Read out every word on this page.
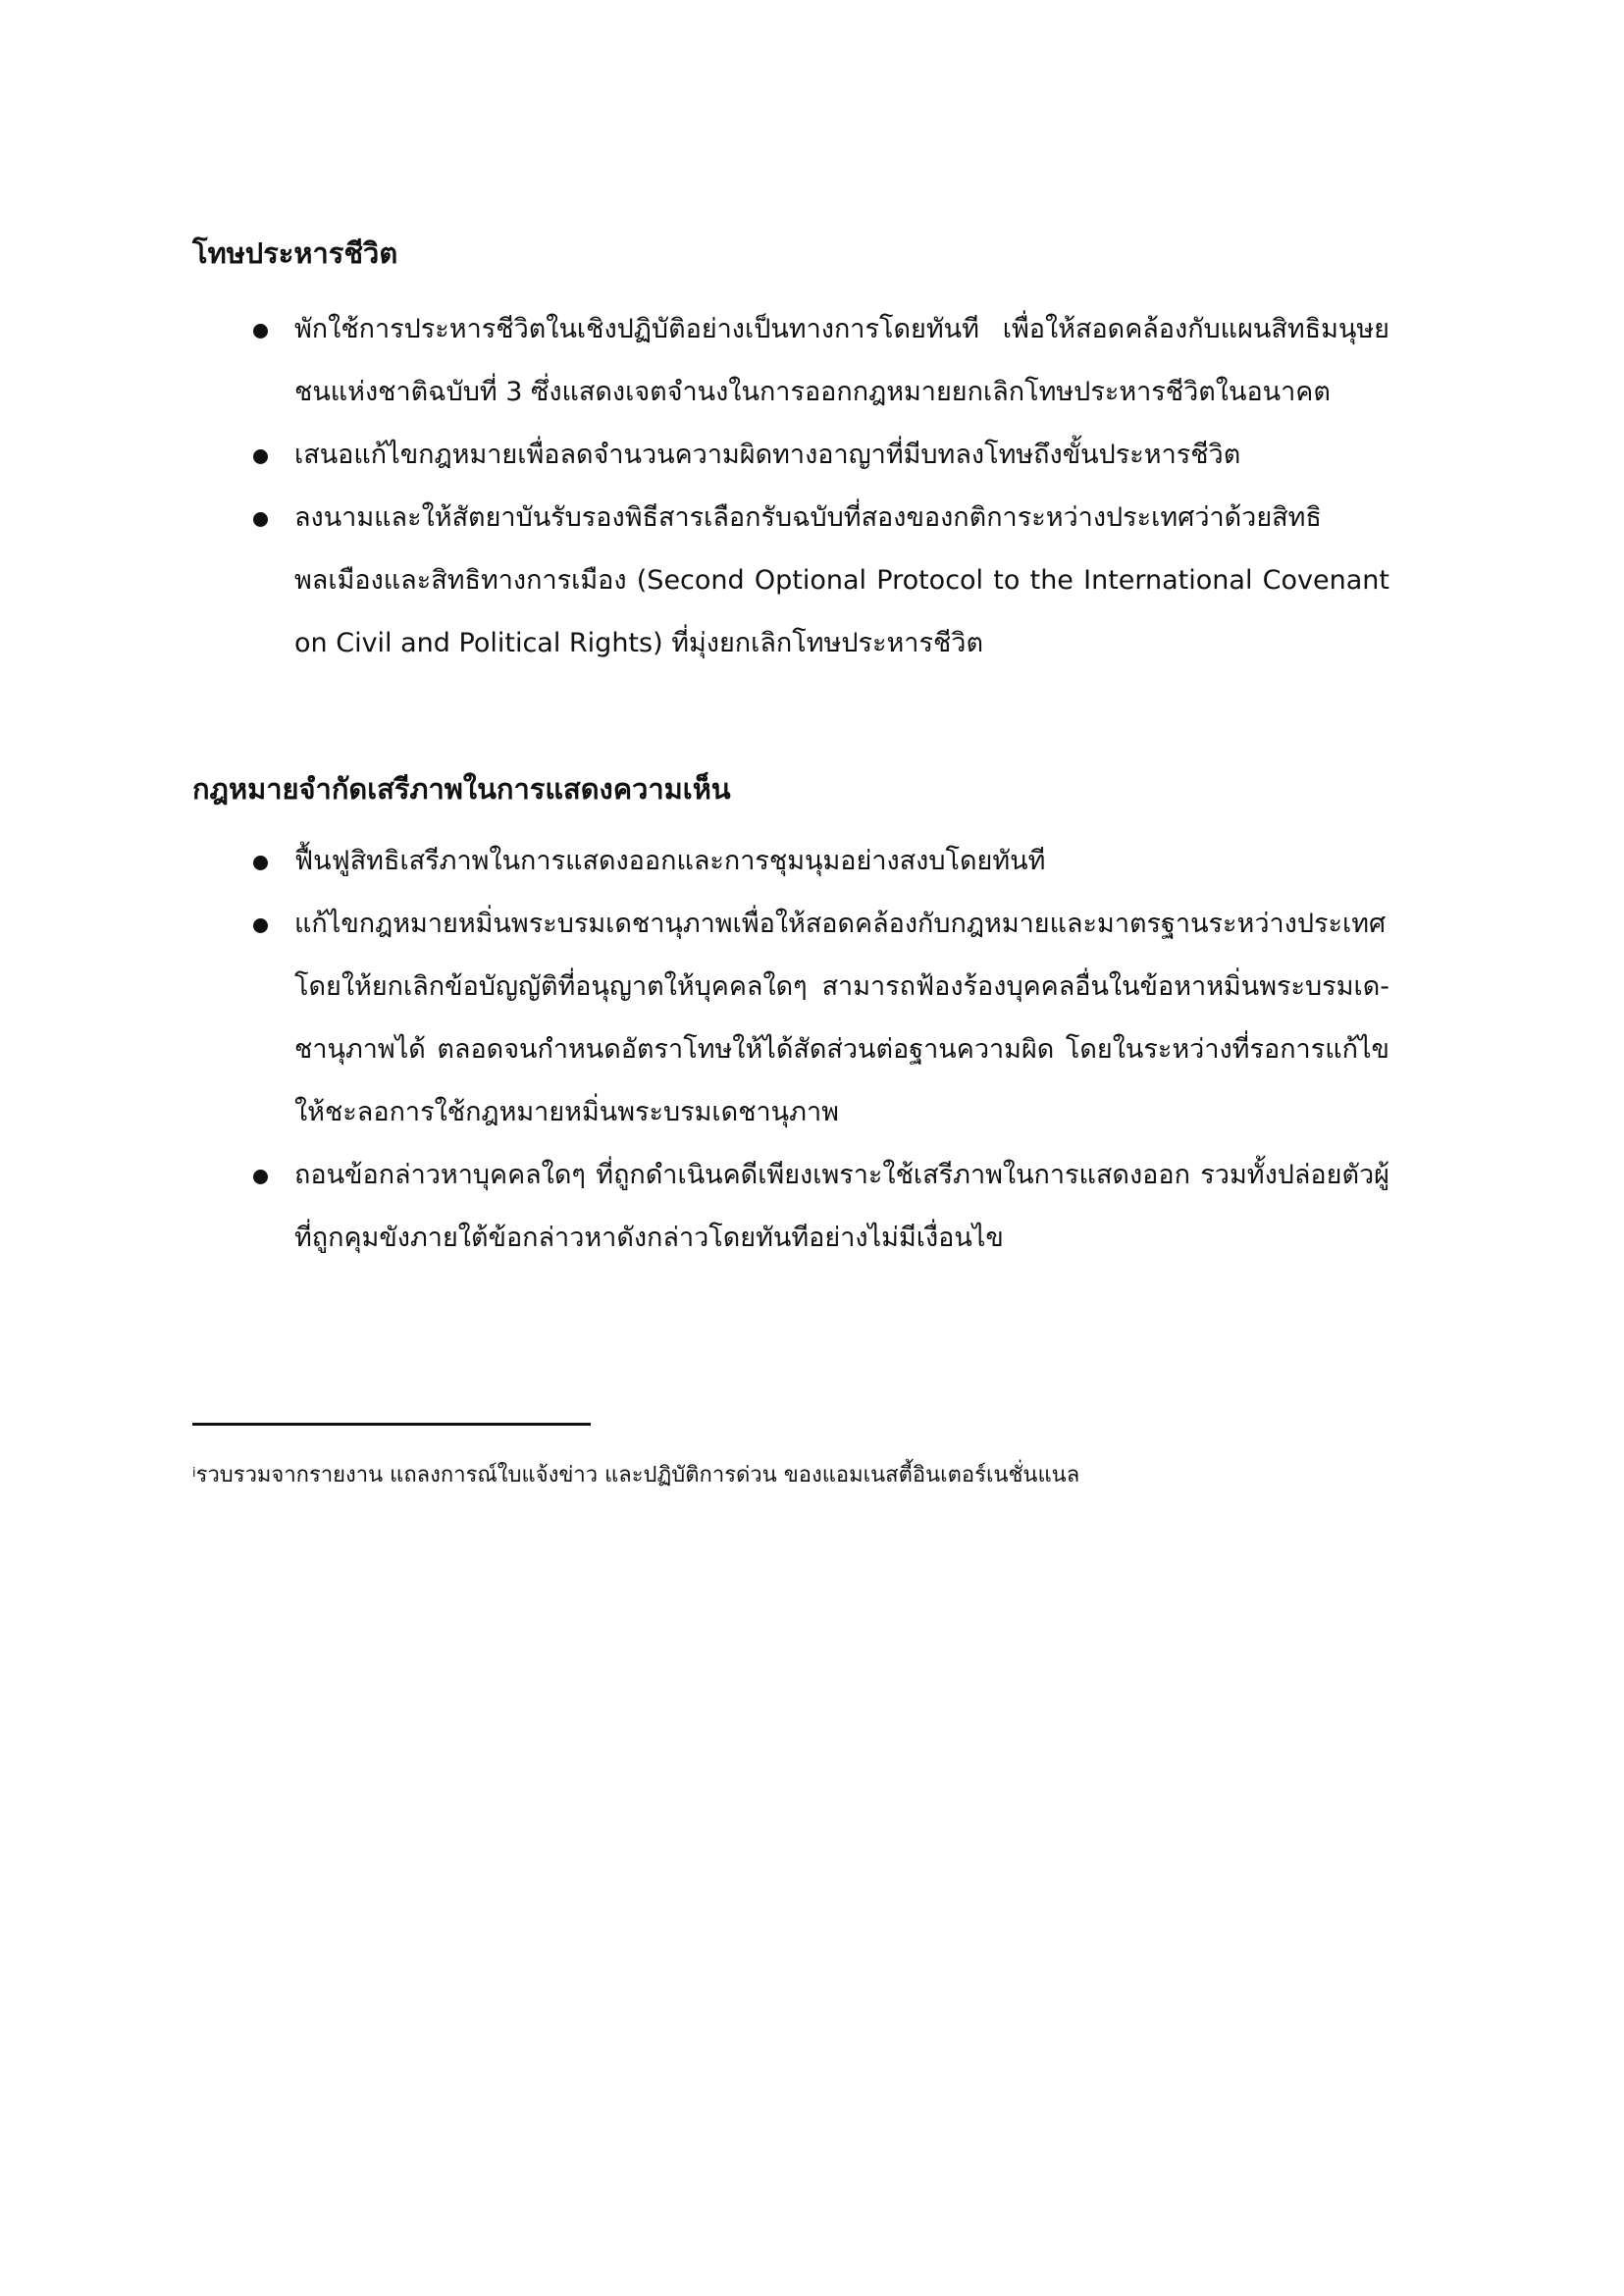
โทษประหารชีวิต
พักใช้การประหารชีวิตในเชิงปฏิบัติอย่างเป็นทางการโดยทันที เพื่อให้สอดคล้องกับแผนสิทธิมนุษยชนแห่งชาติฉบับที่ 3 ซึ่งแสดงเจตจำนงในการออกกฎหมายยกเลิกโทษประหารชีวิตในอนาคต
เสนอแก้ไขกฎหมายเพื่อลดจำนวนความผิดทางอาญาที่มีบทลงโทษถึงขั้นประหารชีวิต
ลงนามและให้สัตยาบันรับรองพิธีสารเลือกรับฉบับที่สองของกติการะหว่างประเทศว่าด้วยสิทธิพลเมืองและสิทธิทางการเมือง (Second Optional Protocol to the International Covenant on Civil and Political Rights) ที่มุ่งยกเลิกโทษประหารชีวิต
กฎหมายจำกัดเสรีภาพในการแสดงความเห็น
ฟื้นฟูสิทธิเสรีภาพในการแสดงออกและการชุมนุมอย่างสงบโดยทันที
แก้ไขกฎหมายหมิ่นพระบรมเดชานุภาพเพื่อให้สอดคล้องกับกฎหมายและมาตรฐานระหว่างประเทศ โดยให้ยกเลิกข้อบัญญัติที่อนุญาตให้บุคคลใดๆ สามารถฟ้องร้องบุคคลอื่นในข้อหาหมิ่นพระบรมเด-ชานุภาพได้ ตลอดจนกำหนดอัตราโทษให้ได้สัดส่วนต่อฐานความผิด โดยในระหว่างที่รอการแก้ไข ให้ชะลอการใช้กฎหมายหมิ่นพระบรมเดชานุภาพ
ถอนข้อกล่าวหาบุคคลใดๆ ที่ถูกดำเนินคดีเพียงเพราะใช้เสรีภาพในการแสดงออก รวมทั้งปล่อยตัวผู้ที่ถูกคุมขังภายใต้ข้อกล่าวหาดังกล่าวโดยทันทีอย่างไม่มีเงื่อนไข
$^i$รวบรวมจากรายงาน แถลงการณ์ใบแจ้งข่าว และปฏิบัติการด่วน ของแอมเนสตี้อินเตอร์เนชั่นแนล
